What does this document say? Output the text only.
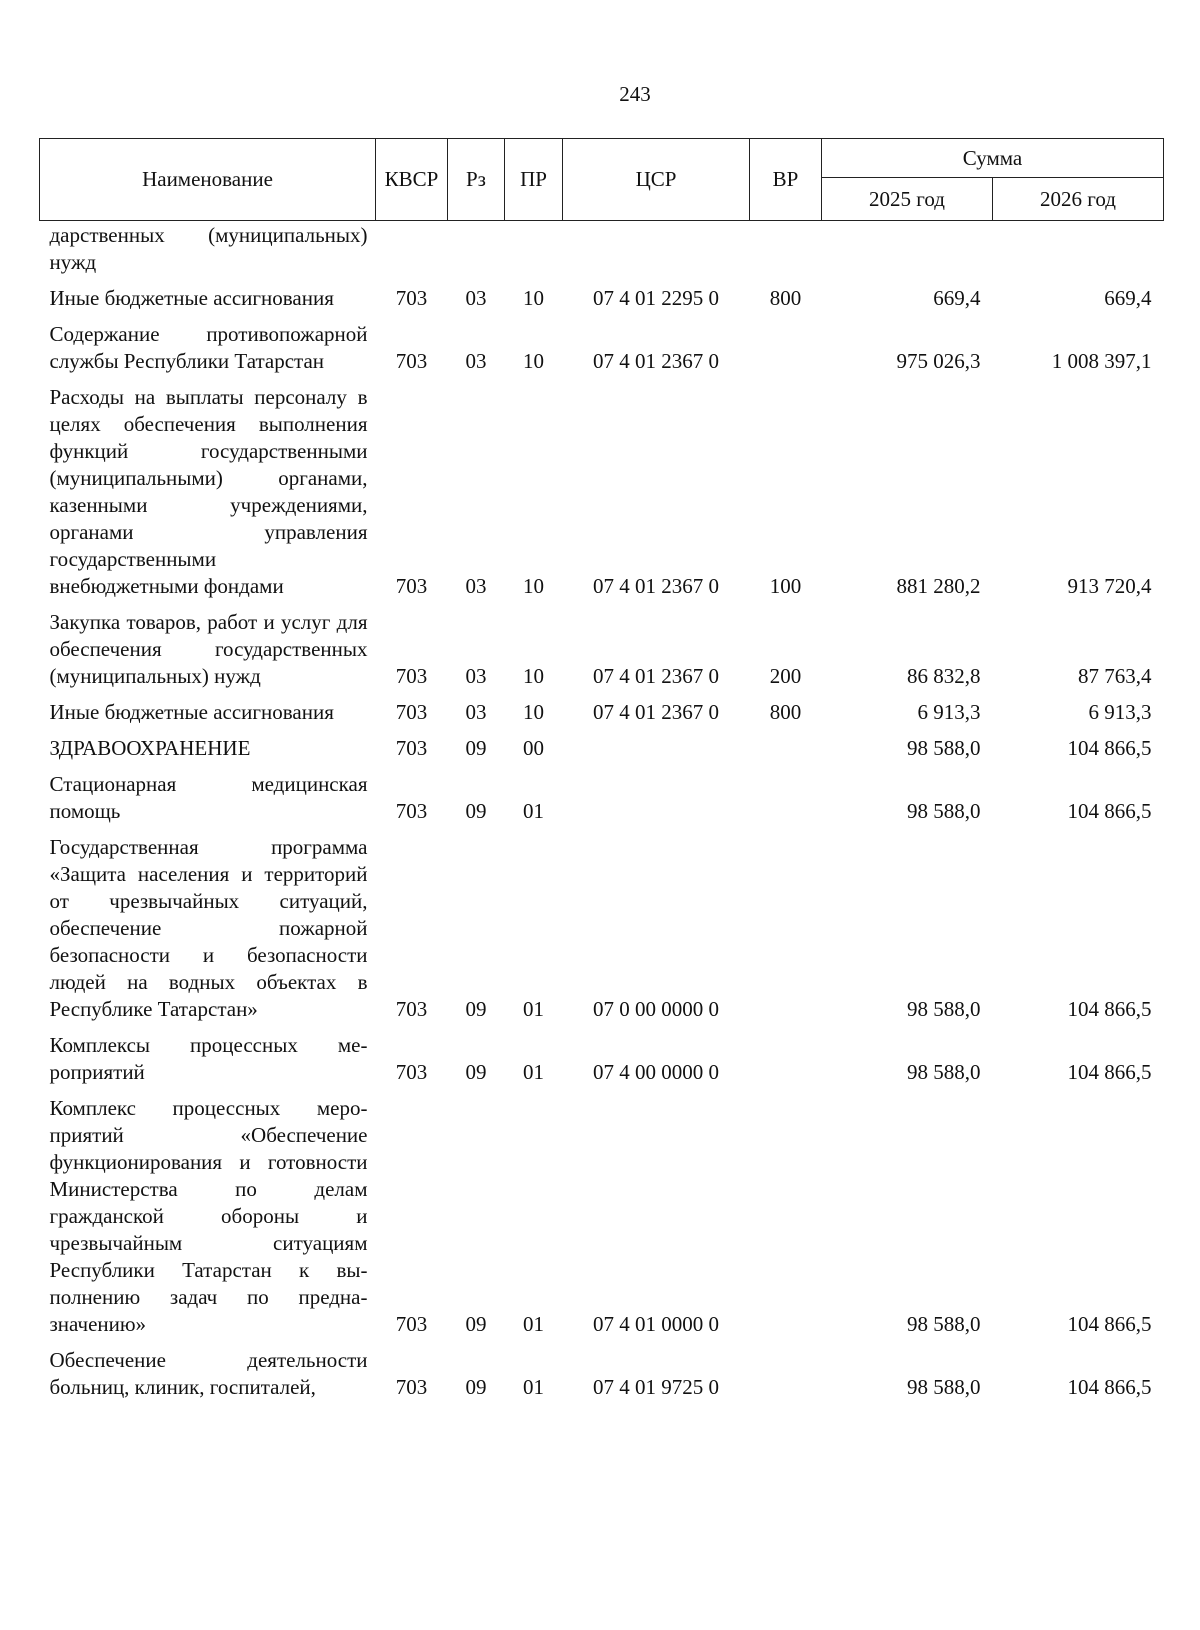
243
Наименование	КВСР	Рз	ПР	ЦСР	ВР	Сумма	
						2025 год	2026 год
дарственных (муниципальных) нужд							
Иные бюджетные ассигнования	703	03	10	07 4 01 2295 0	800	669,4	669,4
Содержание противопожарной службы Республики Татарстан	703	03	10	07 4 01 2367 0		975 026,3	1 008 397,1
Расходы на выплаты персоналу в целях обеспечения выполнения функций государственными (муниципальными) органами, казенными учреждениями, органами управления государственными внебюджетными фондами	703	03	10	07 4 01 2367 0	100	881 280,2	913 720,4
Закупка товаров, работ и услуг для обеспечения государственных (муниципальных) нужд	703	03	10	07 4 01 2367 0	200	86 832,8	87 763,4
Иные бюджетные ассигнования	703	03	10	07 4 01 2367 0	800	6 913,3	6 913,3
ЗДРАВООХРАНЕНИЕ	703	09	00			98 588,0	104 866,5
Стационарная медицинская помощь	703	09	01			98 588,0	104 866,5
Государственная программа «Защита населения и территорий от чрезвычайных ситуаций, обеспечение пожарной безопасности и безопасности людей на водных объектах в Республике Татарстан»	703	09	01	07 0 00 0000 0		98 588,0	104 866,5
Комплексы процессных мероприятий	703	09	01	07 4 00 0000 0		98 588,0	104 866,5
Комплекс процессных мероприятий «Обеспечение функционирования и готовности Министерства по делам гражданской обороны и чрезвычайным ситуациям Республики Татарстан к выполнению задач по предназначению»	703	09	01	07 4 01 0000 0		98 588,0	104 866,5
Обеспечение деятельности больниц, клиник, госпиталей,	703	09	01	07 4 01 9725 0		98 588,0	104 866,5
